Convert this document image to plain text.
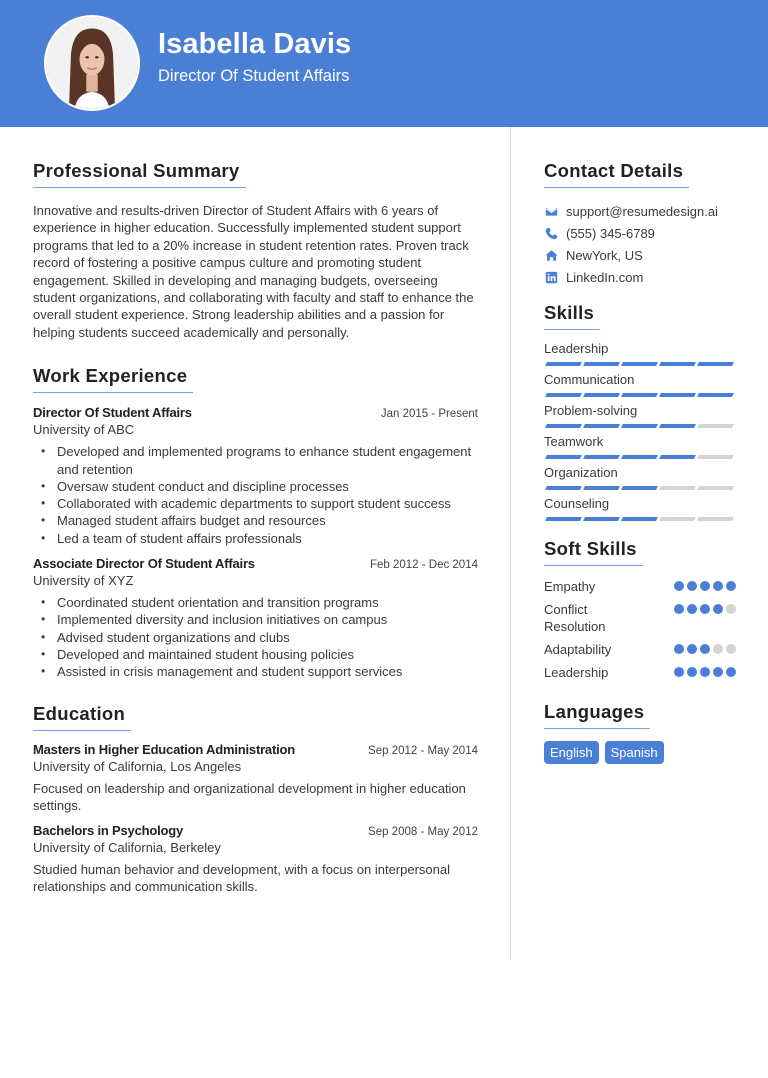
Isabella Davis
Director Of Student Affairs
Professional Summary

Innovative and results-driven Director of Student Affairs with 6 years of experience in higher education. Successfully implemented student support programs that led to a 20% increase in student retention rates. Proven track record of fostering a positive campus culture and promoting student engagement. Skilled in developing and managing budgets, overseeing student organizations, and collaborating with faculty and staff to enhance the overall student experience. Strong leadership abilities and a passion for helping students succeed academically and personally.

Work Experience
Director Of Student Affairs	Jan 2015 - Present
University of ABC
• Developed and implemented programs to enhance student engagement and retention
• Oversaw student conduct and discipline processes
• Collaborated with academic departments to support student success
• Managed student affairs budget and resources
• Led a team of student affairs professionals
Associate Director Of Student Affairs	Feb 2012 - Dec 2014
University of XYZ
• Coordinated student orientation and transition programs
• Implemented diversity and inclusion initiatives on campus
• Advised student organizations and clubs
• Developed and maintained student housing policies
• Assisted in crisis management and student support services
Education
Masters in Higher Education Administration	Sep 2012 - May 2014
University of California, Los Angeles

Focused on leadership and organizational development in higher education settings.

Bachelors in Psychology	Sep 2008 - May 2012
University of California, Berkeley

Studied human behavior and development, with a focus on interpersonal relationships and communication skills.

Contact Details
support@resumedesign.ai
(555) 345-6789
NewYork, US
LinkedIn.com
Skills
Leadership
Communication
Problem-solving
Teamwork
Organization
Counseling
Soft Skills
Empathy
Conflict Resolution
Adaptability
Leadership
Languages
English	Spanish
